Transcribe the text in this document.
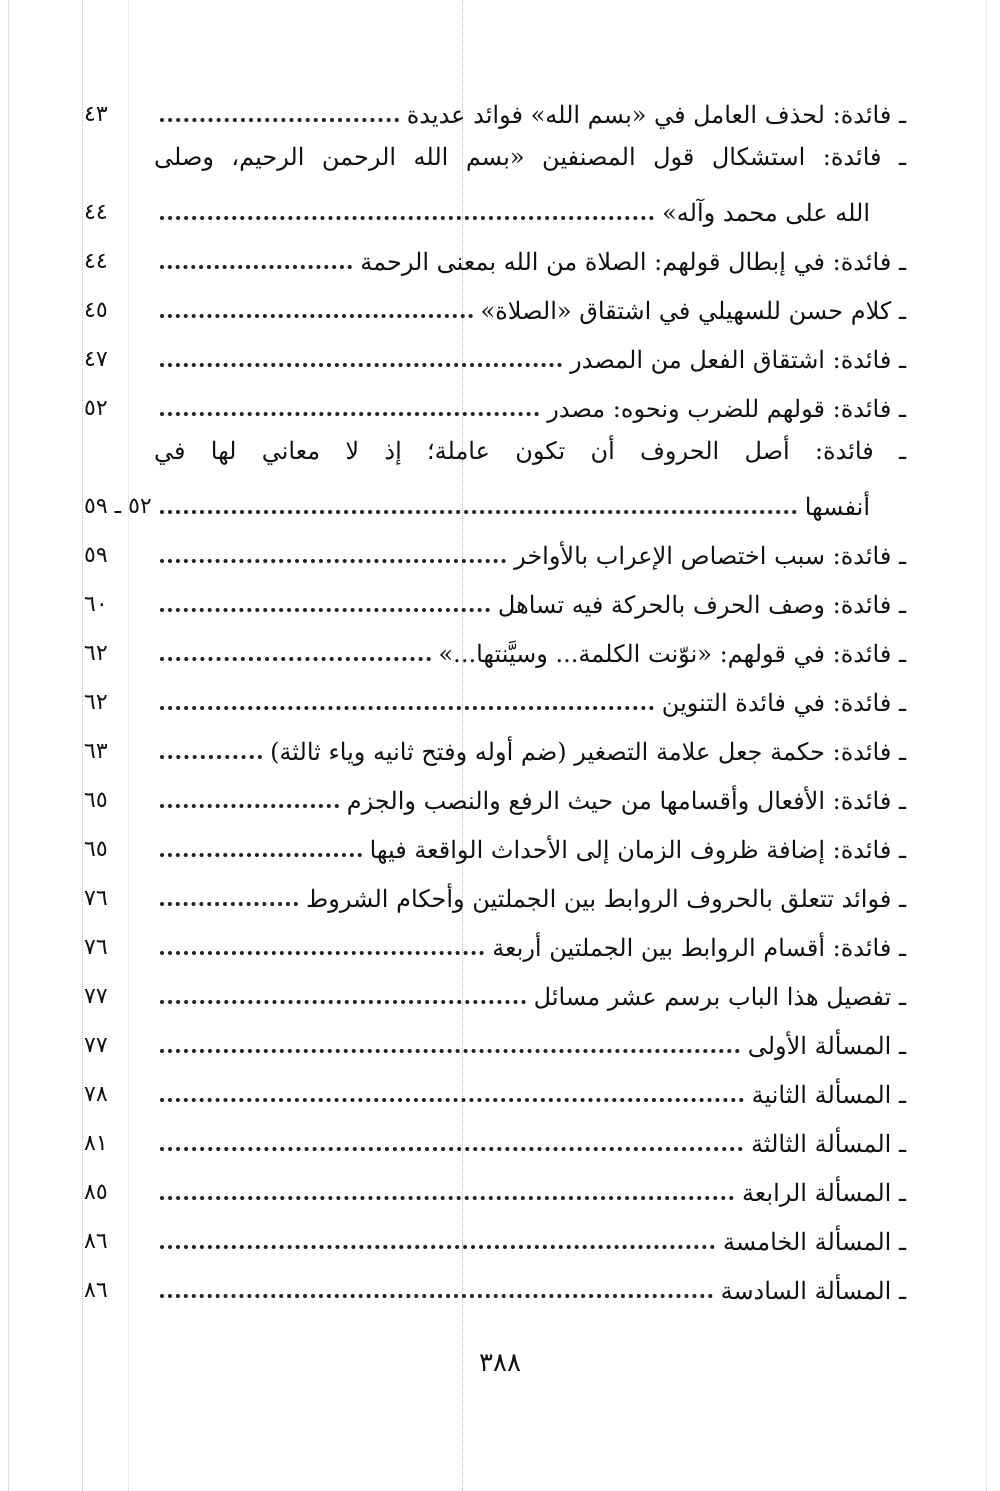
ـ فائدة: لحذف العامل في «بسم الله» فوائد عديدة
٤٣
ـ فائدة: استشكال قول المصنفين «بسم الله الرحمن الرحيم، وصلى
الله على محمد وآله»
٤٤
ـ فائدة: في إبطال قولهم: الصلاة من الله بمعنى الرحمة
٤٤
ـ كلام حسن للسهيلي في اشتقاق «الصلاة»
٤٥
ـ فائدة: اشتقاق الفعل من المصدر
٤٧
ـ فائدة: قولهم للضرب ونحوه: مصدر
٥٢
ـ فائدة: أصل الحروف أن تكون عاملة؛ إذ لا معاني لها في
أنفسها
٥٢ ـ ٥٩
ـ فائدة: سبب اختصاص الإعراب بالأواخر
٥٩
ـ فائدة: وصف الحرف بالحركة فيه تساهل
٦٠
ـ فائدة: في قولهم: «نوّنت الكلمة... وسيَّنتها...»
٦٢
ـ فائدة: في فائدة التنوين
٦٢
ـ فائدة: حكمة جعل علامة التصغير (ضم أوله وفتح ثانيه وياء ثالثة)
٦٣
ـ فائدة: الأفعال وأقسامها من حيث الرفع والنصب والجزم
٦٥
ـ فائدة: إضافة ظروف الزمان إلى الأحداث الواقعة فيها
٦٥
ـ فوائد تتعلق بالحروف الروابط بين الجملتين وأحكام الشروط
٧٦
ـ فائدة: أقسام الروابط بين الجملتين أربعة
٧٦
ـ تفصيل هذا الباب برسم عشر مسائل
٧٧
ـ المسألة الأولى
٧٧
ـ المسألة الثانية
٧٨
ـ المسألة الثالثة
٨١
ـ المسألة الرابعة
٨٥
ـ المسألة الخامسة
٨٦
ـ المسألة السادسة
٨٦
٣٨٨
